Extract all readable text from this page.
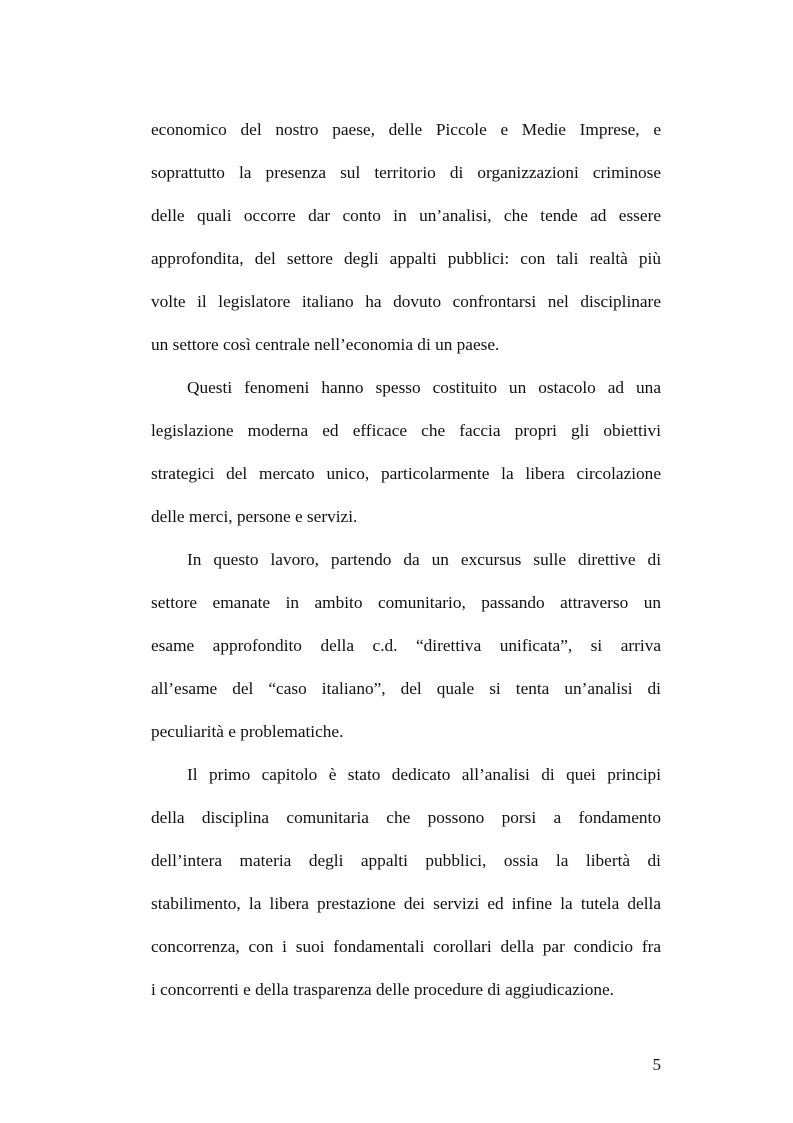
economico del nostro paese, delle Piccole e Medie Imprese, e
soprattutto la presenza sul territorio di organizzazioni criminose
delle quali occorre dar conto in un’analisi, che tende ad essere
approfondita, del settore degli appalti pubblici: con tali realtà più
volte il legislatore italiano ha dovuto confrontarsi nel disciplinare
un settore così centrale nell’economia di un paese.
Questi fenomeni hanno spesso costituito un ostacolo ad una
legislazione moderna ed efficace che faccia propri gli obiettivi
strategici del mercato unico, particolarmente la libera circolazione
delle merci, persone e servizi.
In questo lavoro, partendo da un excursus sulle direttive di
settore emanate in ambito comunitario, passando attraverso un
esame approfondito della c.d. “direttiva unificata”, si arriva
all’esame del “caso italiano”, del quale si tenta un’analisi di
peculiarità e problematiche.
Il primo capitolo è stato dedicato all’analisi di quei principi
della disciplina comunitaria che possono porsi a fondamento
dell’intera materia degli appalti pubblici, ossia la libertà di
stabilimento, la libera prestazione dei servizi ed infine la tutela della
concorrenza, con i suoi fondamentali corollari della par condicio fra
i concorrenti e della trasparenza delle procedure di aggiudicazione.
5
